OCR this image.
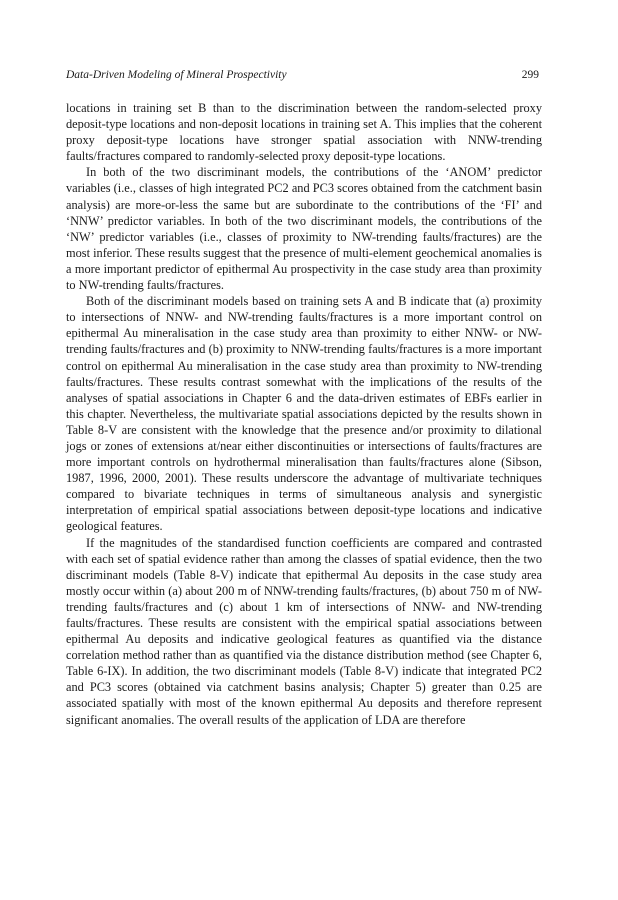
Data-Driven Modeling of Mineral Prospectivity	299

locations in training set B than to the discrimination between the random-selected proxy deposit-type locations and non-deposit locations in training set A. This implies that the coherent proxy deposit-type locations have stronger spatial association with NNW-trending faults/fractures compared to randomly-selected proxy deposit-type locations.

In both of the two discriminant models, the contributions of the ‘ANOM’ predictor variables (i.e., classes of high integrated PC2 and PC3 scores obtained from the catchment basin analysis) are more-or-less the same but are subordinate to the contributions of the ‘FI’ and ‘NNW’ predictor variables. In both of the two discriminant models, the contributions of the ‘NW’ predictor variables (i.e., classes of proximity to NW-trending faults/fractures) are the most inferior. These results suggest that the presence of multi-element geochemical anomalies is a more important predictor of epithermal Au prospectivity in the case study area than proximity to NW-trending faults/fractures.

Both of the discriminant models based on training sets A and B indicate that (a) proximity to intersections of NNW- and NW-trending faults/fractures is a more important control on epithermal Au mineralisation in the case study area than proximity to either NNW- or NW-trending faults/fractures and (b) proximity to NNW-trending faults/fractures is a more important control on epithermal Au mineralisation in the case study area than proximity to NW-trending faults/fractures. These results contrast somewhat with the implications of the results of the analyses of spatial associations in Chapter 6 and the data-driven estimates of EBFs earlier in this chapter. Nevertheless, the multivariate spatial associations depicted by the results shown in Table 8-V are consistent with the knowledge that the presence and/or proximity to dilational jogs or zones of extensions at/near either discontinuities or intersections of faults/fractures are more important controls on hydrothermal mineralisation than faults/fractures alone (Sibson, 1987, 1996, 2000, 2001). These results underscore the advantage of multivariate techniques compared to bivariate techniques in terms of simultaneous analysis and synergistic interpretation of empirical spatial associations between deposit-type locations and indicative geological features.

If the magnitudes of the standardised function coefficients are compared and contrasted with each set of spatial evidence rather than among the classes of spatial evidence, then the two discriminant models (Table 8-V) indicate that epithermal Au deposits in the case study area mostly occur within (a) about 200 m of NNW-trending faults/fractures, (b) about 750 m of NW-trending faults/fractures and (c) about 1 km of intersections of NNW- and NW-trending faults/fractures. These results are consistent with the empirical spatial associations between epithermal Au deposits and indicative geological features as quantified via the distance correlation method rather than as quantified via the distance distribution method (see Chapter 6, Table 6-IX). In addition, the two discriminant models (Table 8-V) indicate that integrated PC2 and PC3 scores (obtained via catchment basins analysis; Chapter 5) greater than 0.25 are associated spatially with most of the known epithermal Au deposits and therefore represent significant anomalies. The overall results of the application of LDA are therefore
